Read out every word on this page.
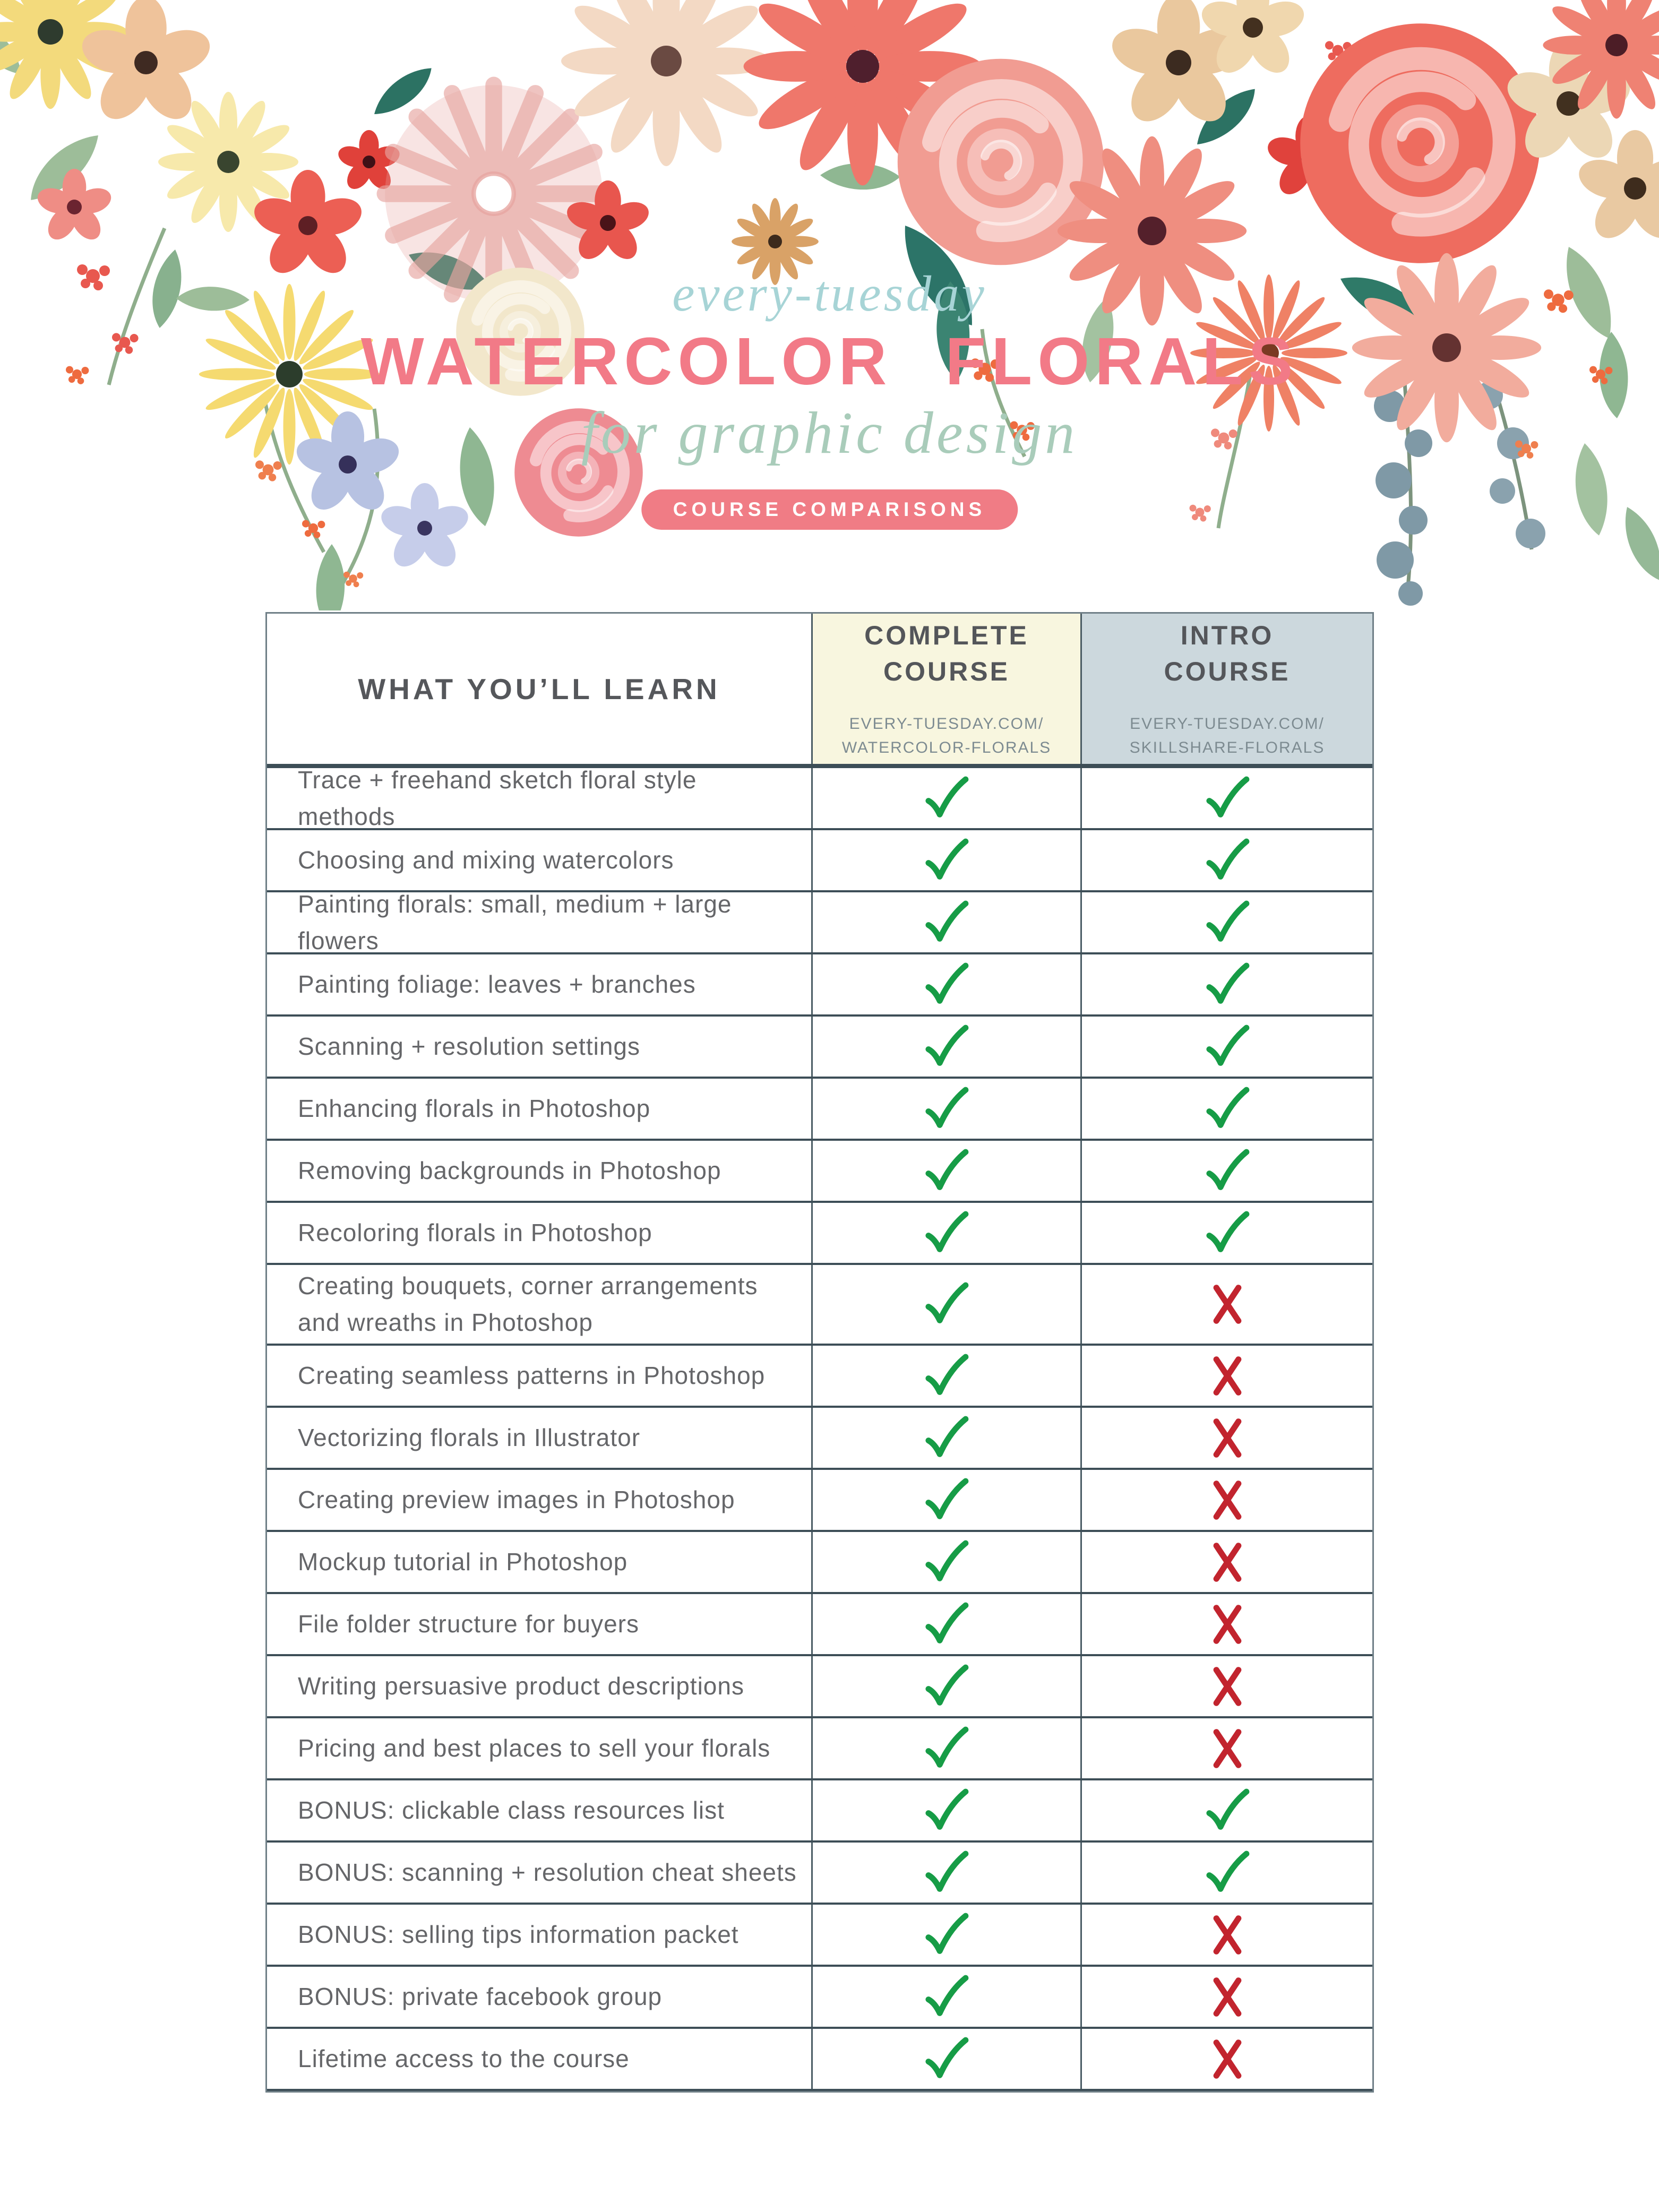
every-tuesday
WATERCOLOR FLORALS
for graphic design
COURSE COMPARISONS
WHAT YOU’LL LEARN
COMPLETE COURSE
EVERY-TUESDAY.COM/
WATERCOLOR-FLORALS
INTRO COURSE
EVERY-TUESDAY.COM/
SKILLSHARE-FLORALS
Trace + freehand sketch floral style methods
Choosing and mixing watercolors
Painting florals: small, medium + large flowers
Painting foliage: leaves + branches
Scanning + resolution settings
Enhancing florals in Photoshop
Removing backgrounds in Photoshop
Recoloring florals in Photoshop
Creating bouquets, corner arrangements and wreaths in Photoshop
Creating seamless patterns in Photoshop
Vectorizing florals in Illustrator
Creating preview images in Photoshop
Mockup tutorial in Photoshop
File folder structure for buyers
Writing persuasive product descriptions
Pricing and best places to sell your florals
BONUS: clickable class resources list
BONUS: scanning + resolution cheat sheets
BONUS: selling tips information packet
BONUS: private facebook group
Lifetime access to the course
